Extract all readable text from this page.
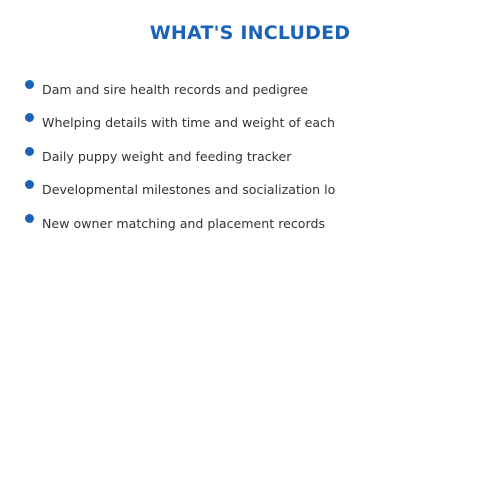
WHAT'S INCLUDED
Dam and sire health records and pedigree
Whelping details with time and weight of each
Daily puppy weight and feeding tracker
Developmental milestones and socialization lo
New owner matching and placement records
